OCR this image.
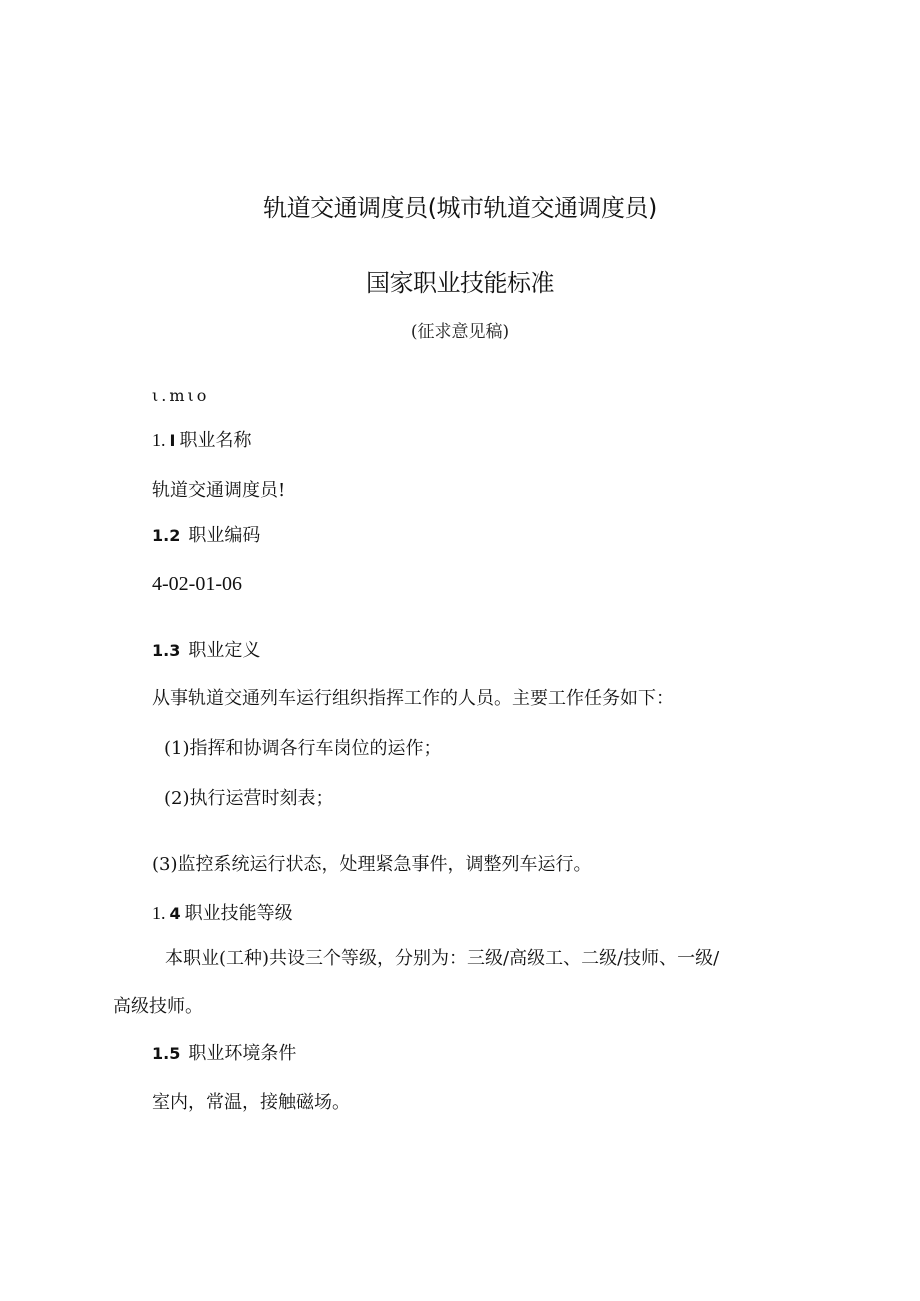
轨道交通调度员(城市轨道交通调度员)
国家职业技能标准
(征求意见稿)
ι.mιo
1. I 职业名称
轨道交通调度员!
1.2 职业编码
4-02-01-06
1.3 职业定义
从事轨道交通列车运行组织指挥工作的人员。主要工作任务如下：
(1)指挥和协调各行车岗位的运作；
(2)执行运营时刻表；
(3)监控系统运行状态，处理紧急事件，调整列车运行。
1. 4 职业技能等级
本职业(工种)共设三个等级，分别为：三级/高级工、二级/技师、一级/
高级技师。
1.5 职业环境条件
室内，常温，接触磁场。
